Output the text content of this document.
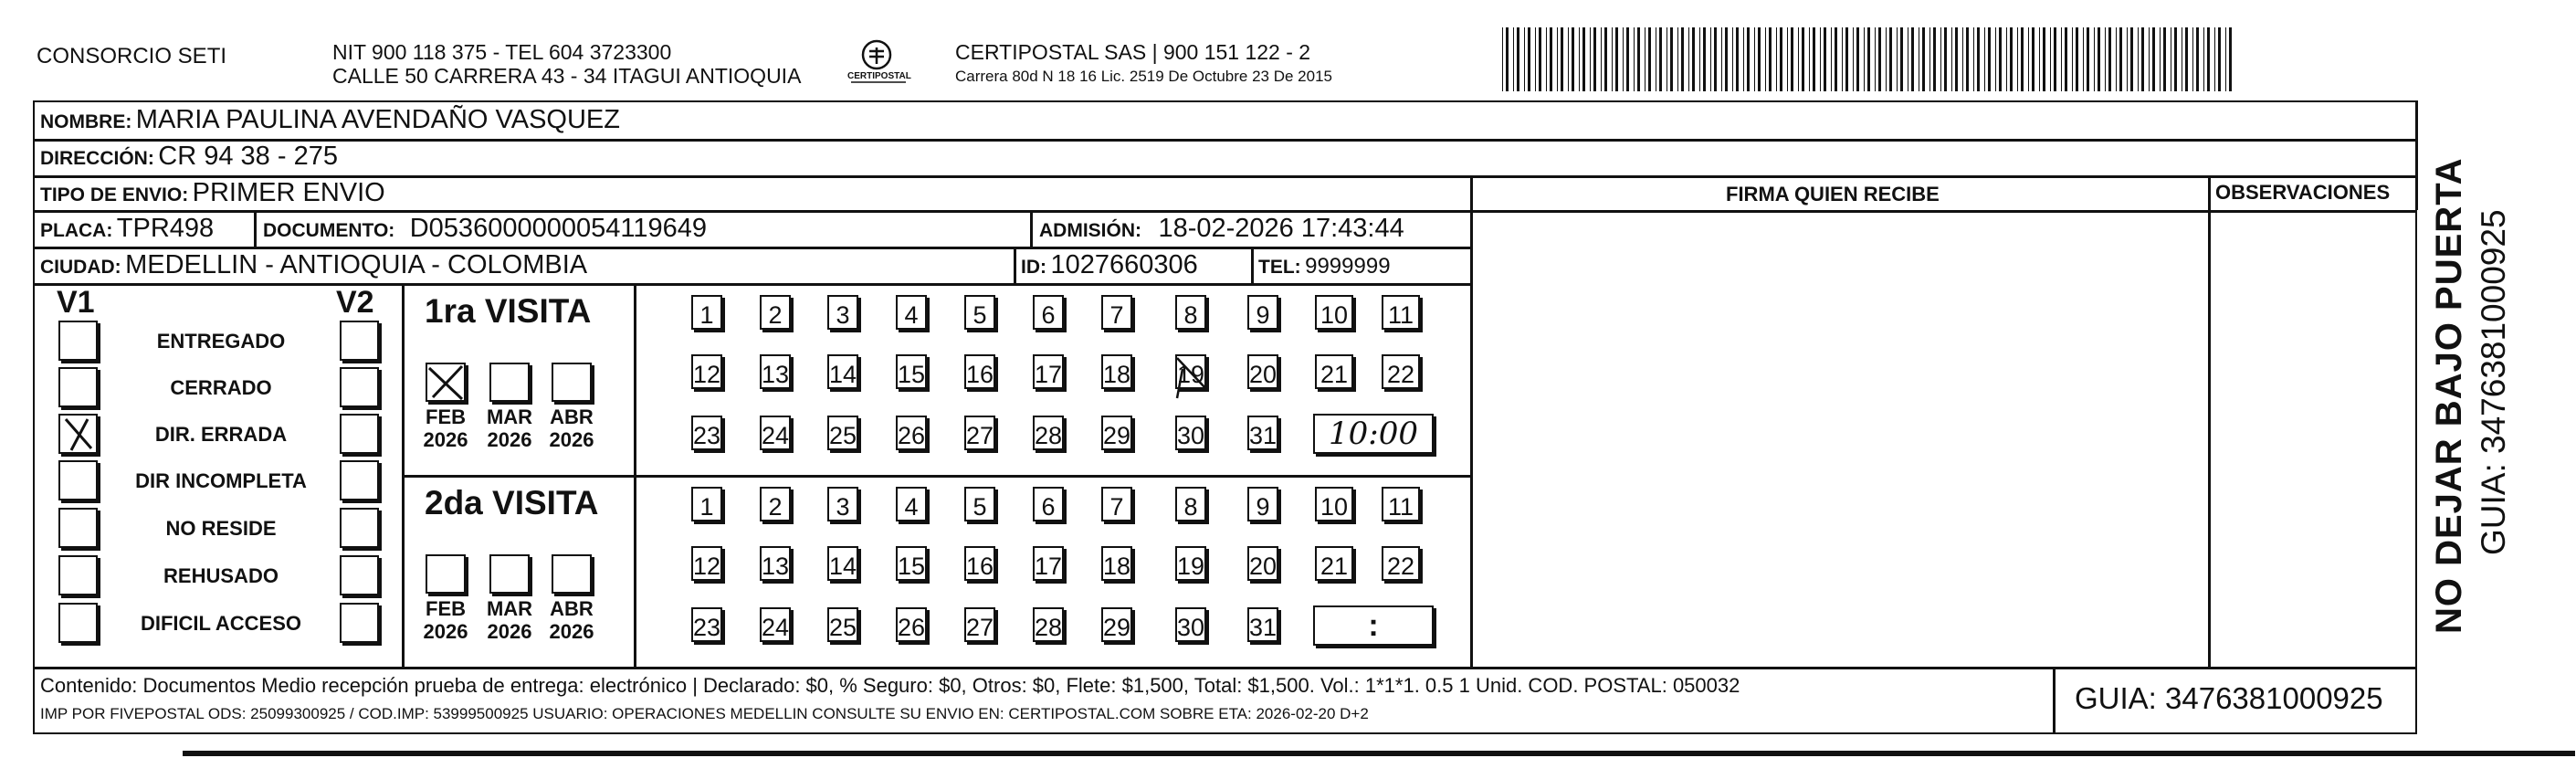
CONSORCIO SETI	NIT 900 118 375 - TEL 604 3723300
CALLE 50 CARRERA 43 - 34 ITAGUI ANTIOQUIA	CERTIPOSTAL
CERTIPOSTAL SAS | 900 151 122 - 2
Carrera 80d N 18 16 Lic. 2519 De Octubre 23 De 2015
NOMBRE: MARIA PAULINA AVENDAÑO VASQUEZ
DIRECCIÓN: CR 94 38 - 275
TIPO DE ENVIO: PRIMER ENVIO
PLACA: TPR498	DOCUMENTO: D0536000000054119649	ADMISIÓN: 18-02-2026 17:43:44
CIUDAD: MEDELLIN - ANTIOQUIA - COLOMBIA	ID: 1027660306	TEL: 9999999
FIRMA QUIEN RECIBE	OBSERVACIONES
V1	V2
ENTREGADO
CERRADO
DIR. ERRADA
DIR INCOMPLETA
NO RESIDE
REHUSADO
DIFICIL ACCESO
1ra VISITA
FEB
2026
MAR
2026
ABR
2026
1	2	3	4	5	6	7	8	9	10 11
12 13 14 15 16 17 18 19 20 21 22
23 24 25 26 27 28 29 30 31	10:00
2da VISITA
FEB
2026
MAR
2026
ABR
2026
1	2	3	4	5	6	7	8	9	10 11
12 13 14 15 16 17 18 19 20 21 22
23 24 25 26 27 28 29 30 31	:
Contenido: Documentos Medio recepción prueba de entrega: electrónico | Declarado: $0, % Seguro: $0, Otros: $0, Flete: $1,500, Total: $1,500. Vol.: 1*1*1. 0.5 1 Unid. COD. POSTAL: 050032
IMP POR FIVEPOSTAL ODS: 25099300925 / COD.IMP: 53999500925 USUARIO: OPERACIONES MEDELLIN CONSULTE SU ENVIO EN: CERTIPOSTAL.COM SOBRE ETA: 2026-02-20 D+2	GUIA: 3476381000925
NO DEJAR BAJO PUERTA GUIA: 3476381000925
